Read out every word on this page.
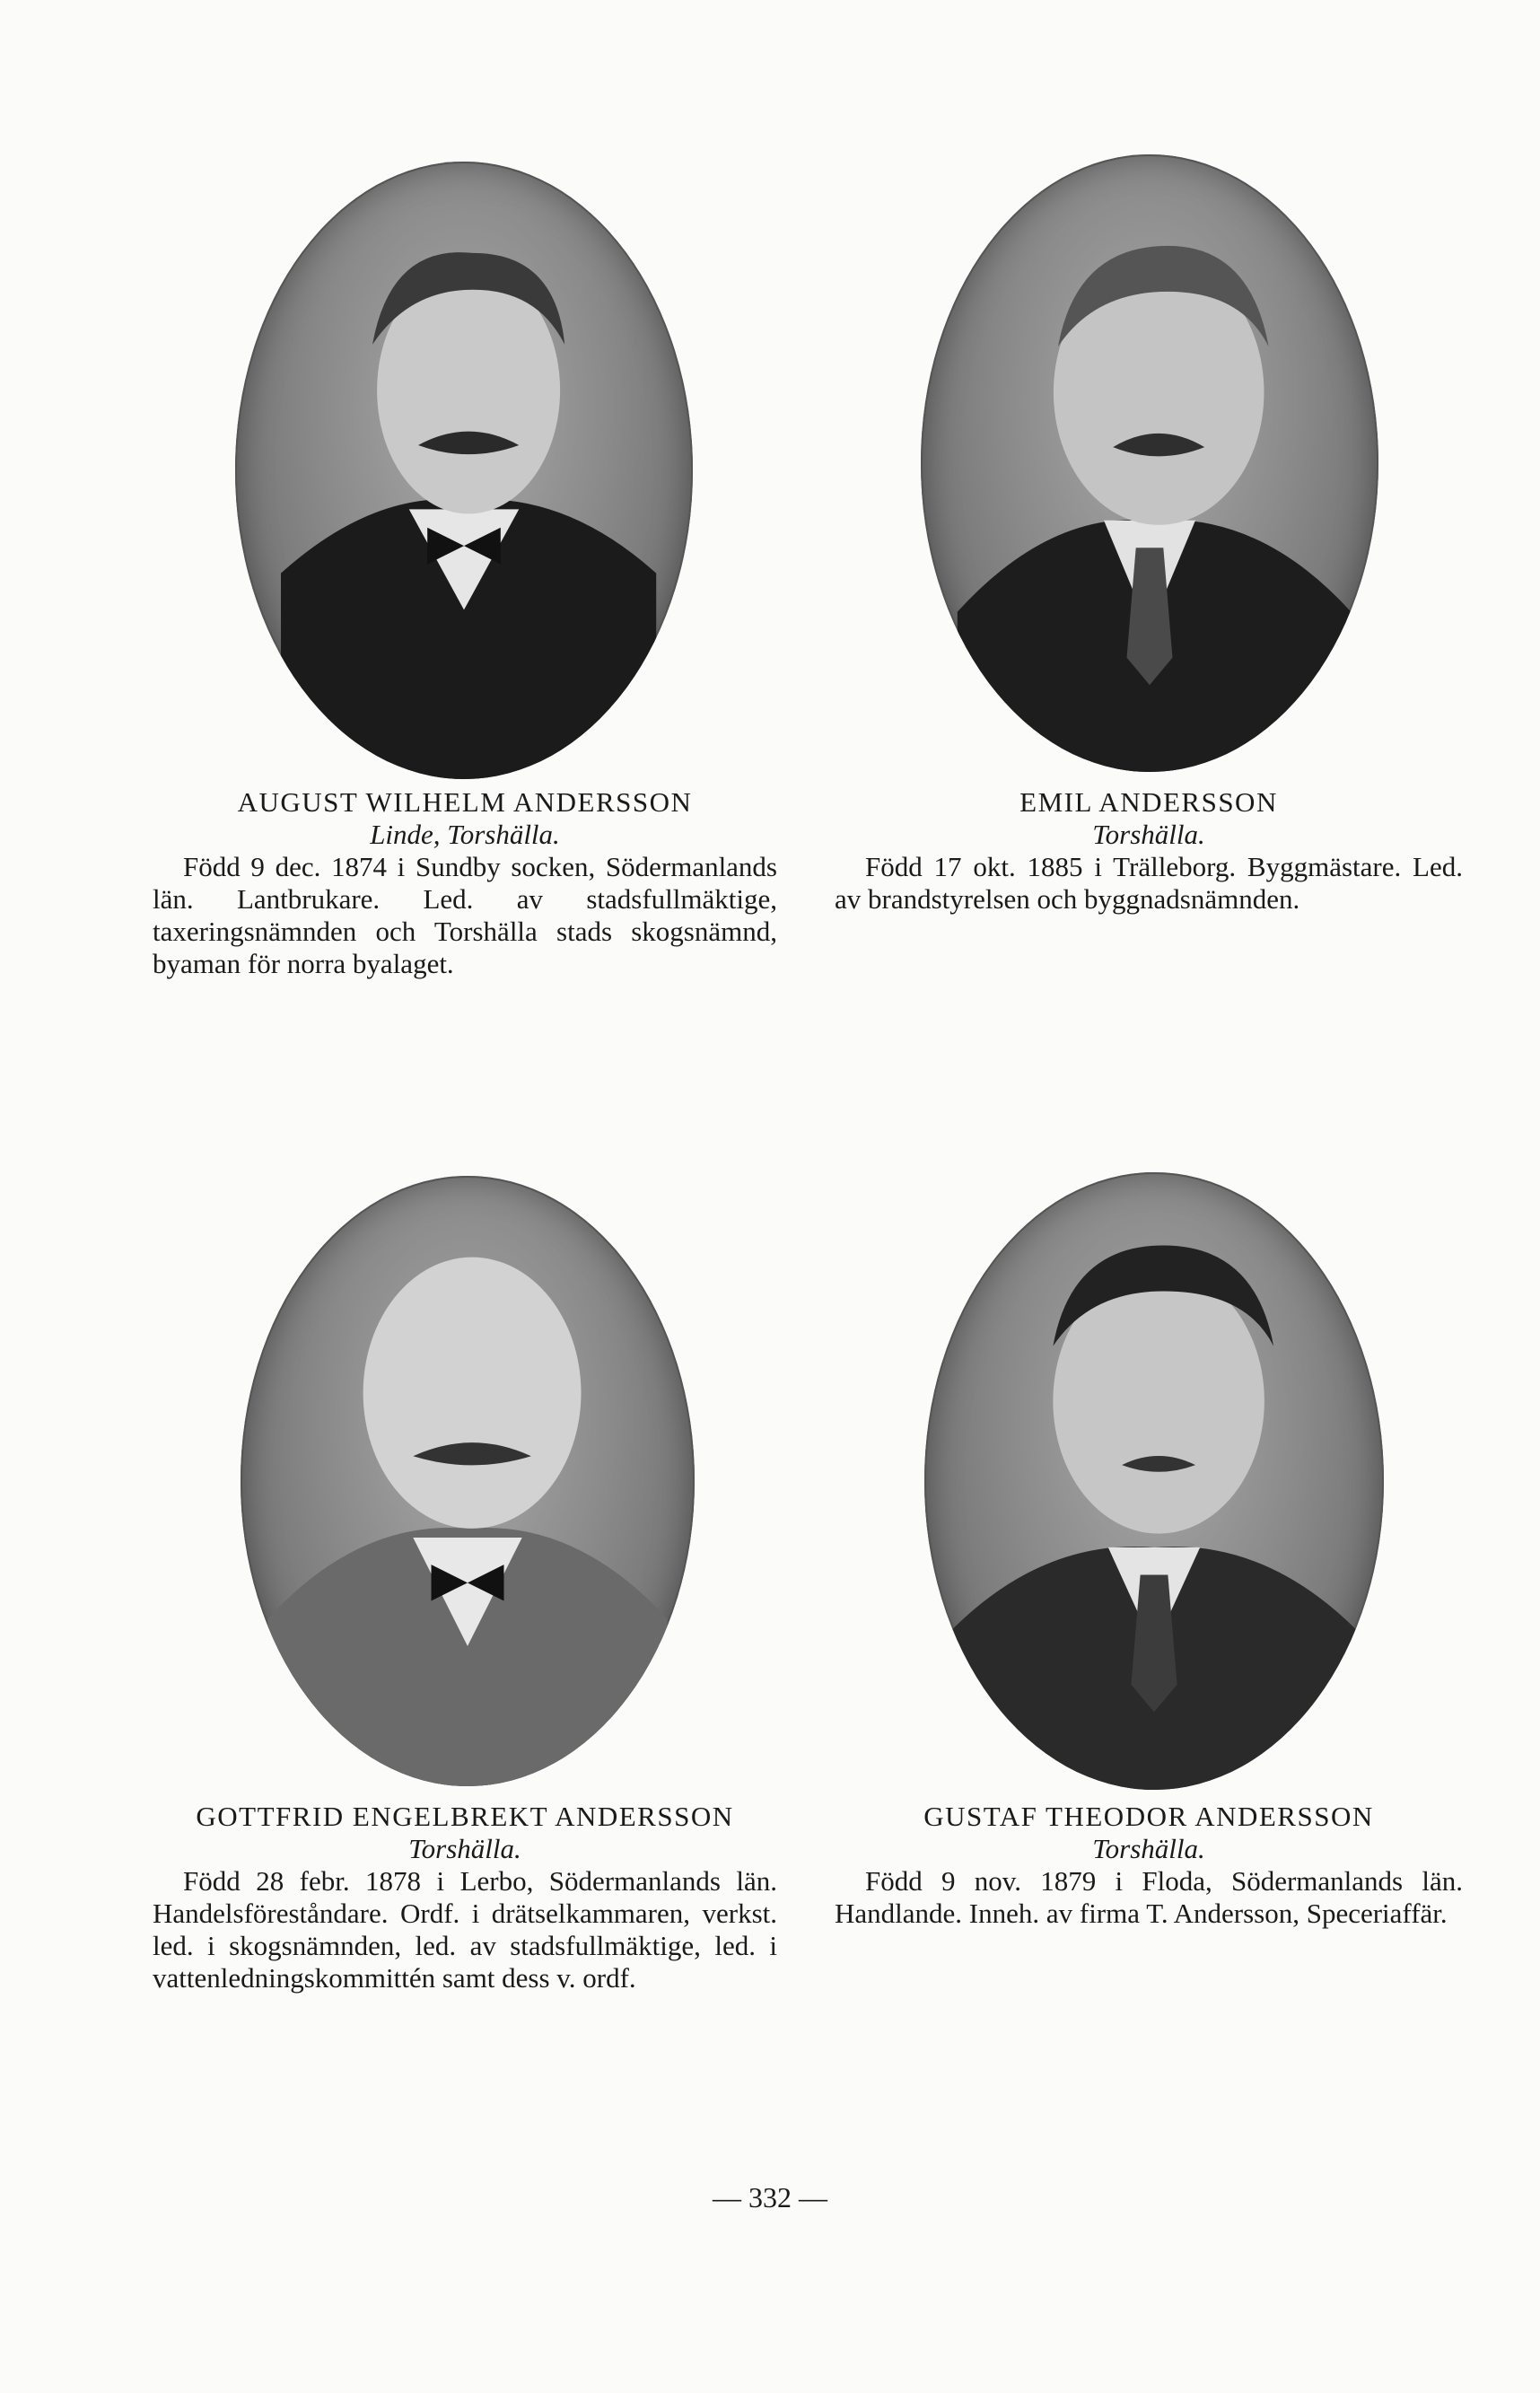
AUGUST WILHELM ANDERSSON
Linde, Torshälla.
Född 9 dec. 1874 i Sundby socken, Södermanlands län. Lantbrukare. Led. av stadsfullmäktige, taxeringsnämnden och Torshälla stads skogsnämnd, byaman för norra byalaget.
EMIL ANDERSSON
Torshälla.
Född 17 okt. 1885 i Trälleborg. Byggmästare. Led. av brandstyrelsen och byggnadsnämnden.
GOTTFRID ENGELBREKT ANDERSSON
Torshälla.
Född 28 febr. 1878 i Lerbo, Södermanlands län. Handelsföreståndare. Ordf. i drätselkammaren, verkst. led. i skogsnämnden, led. av stadsfullmäktige, led. i vattenledningskommittén samt dess v. ordf.
GUSTAF THEODOR ANDERSSON
Torshälla.
Född 9 nov. 1879 i Floda, Södermanlands län. Handlande. Inneh. av firma T. Andersson, Speceriaffär.
— 332 —
